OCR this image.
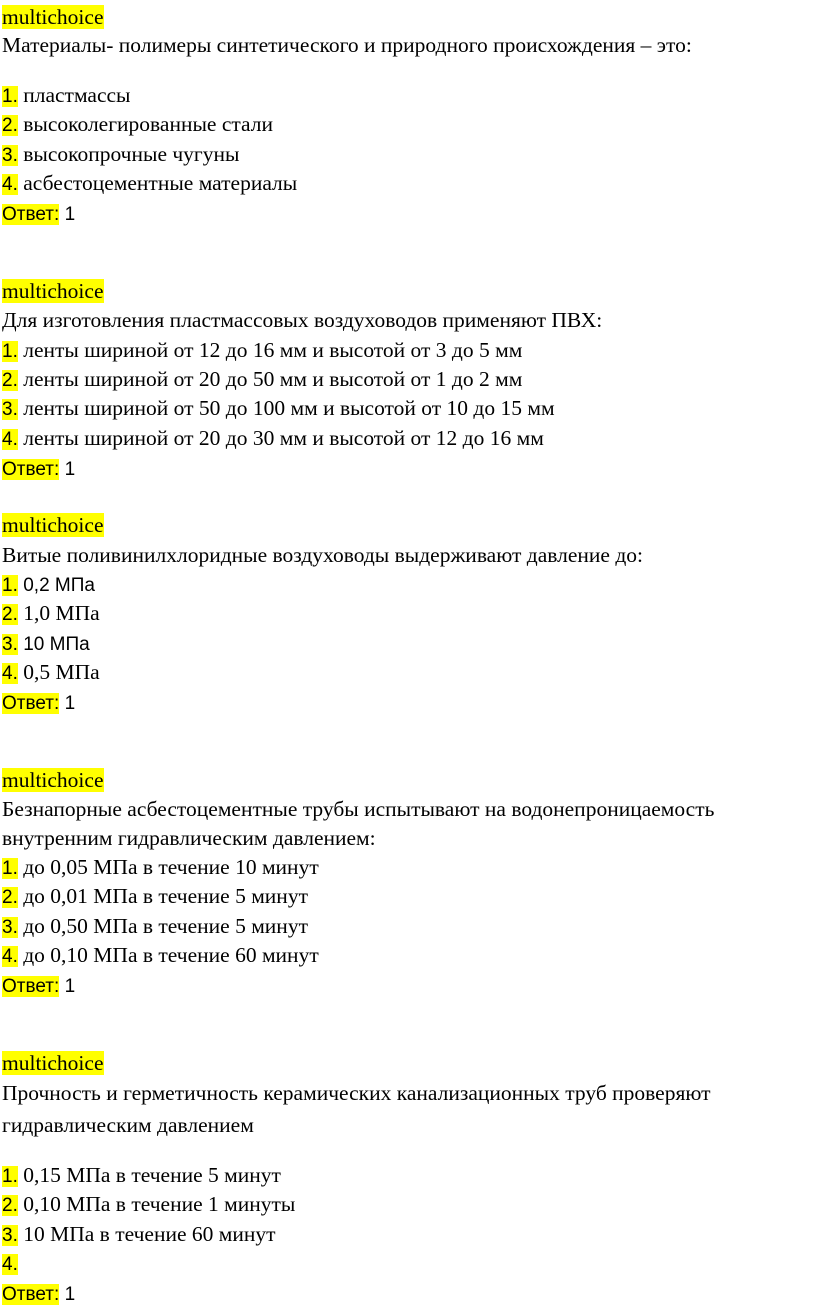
multichoice
Материалы- полимеры синтетического и природного происхождения – это:
1. пластмассы
2. высоколегированные стали
3. высокопрочные чугуны
4. асбестоцементные материалы
Ответ: 1
multichoice
Для изготовления пластмассовых воздуховодов применяют ПВХ:
1. ленты шириной от 12 до 16 мм и высотой от 3 до 5 мм
2. ленты шириной от 20 до 50 мм и высотой от 1 до 2 мм
3. ленты шириной от 50 до 100 мм и высотой от 10 до 15 мм
4. ленты шириной от 20 до 30 мм и высотой от 12 до 16 мм
Ответ: 1
multichoice
Витые поливинилхлоридные воздуховоды выдерживают давление до:
1. 0,2 МПа
2. 1,0 МПа
3. 10 МПа
4. 0,5 МПа
Ответ: 1
multichoice
Безнапорные асбестоцементные трубы испытывают на водонепроницаемость
внутренним гидравлическим давлением:
1. до 0,05 МПа в течение 10 минут
2. до 0,01 МПа в течение 5 минут
3. до 0,50 МПа в течение 5 минут
4. до 0,10 МПа в течение 60 минут
Ответ: 1
multichoice
Прочность и герметичность керамических канализационных труб проверяют
гидравлическим давлением
1. 0,15 МПа в течение 5 минут
2. 0,10 МПа в течение 1 минуты
3. 10 МПа в течение 60 минут
4.
Ответ: 1
